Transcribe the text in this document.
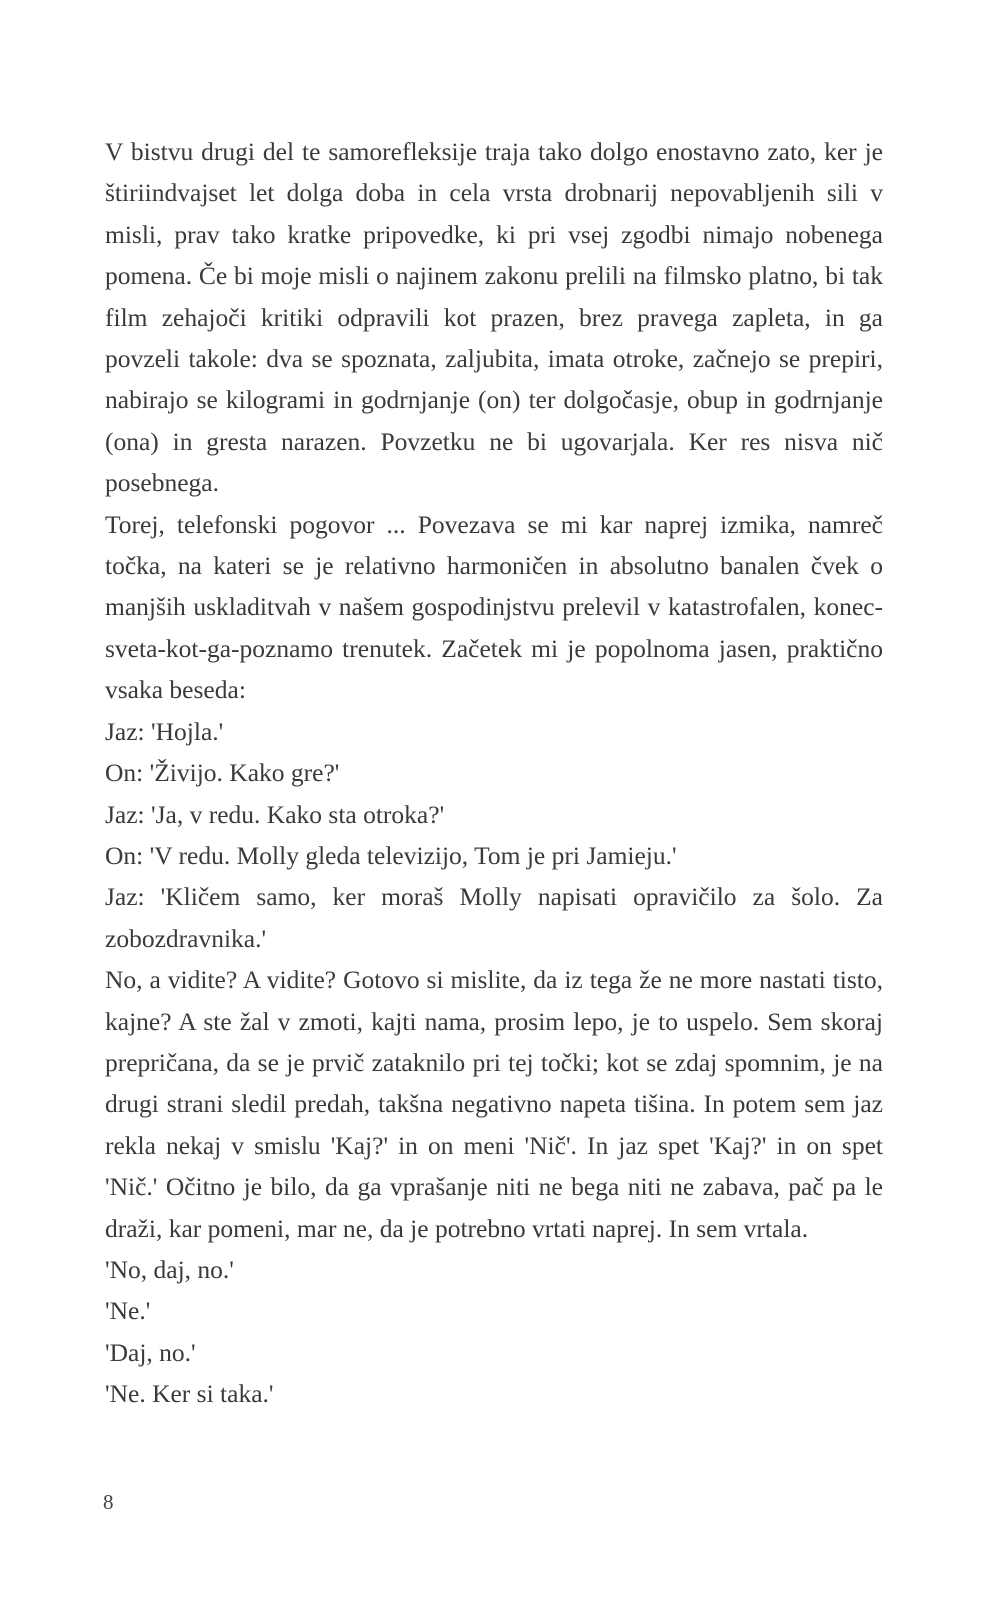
V bistvu drugi del te samorefleksije traja tako dolgo enostavno zato, ker je štiriindvajset let dolga doba in cela vrsta drobnarij nepovabljenih sili v misli, prav tako kratke pripovedke, ki pri vsej zgodbi nimajo nobenega pomena. Če bi moje misli o najinem zakonu prelili na filmsko platno, bi tak film zehajoči kritiki odpravili kot prazen, brez pravega zapleta, in ga povzeli takole: dva se spoznata, zaljubita, imata otroke, začnejo se prepiri, nabirajo se kilogrami in godrnjanje (on) ter dolgočasje, obup in godrnjanje (ona) in gresta narazen. Povzetku ne bi ugovarjala. Ker res nisva nič posebnega.

Torej, telefonski pogovor ... Povezava se mi kar naprej izmika, namreč točka, na kateri se je relativno harmoničen in absolutno banalen čvek o manjših uskladitvah v našem gospodinjstvu prelevil v katastrofalen, konec-sveta-kot-ga-poznamo trenutek. Začetek mi je popolnoma jasen, praktično vsaka beseda:

Jaz: 'Hojla.'

On: 'Živijo. Kako gre?'

Jaz: 'Ja, v redu. Kako sta otroka?'

On: 'V redu. Molly gleda televizijo, Tom je pri Jamieju.'

Jaz: 'Kličem samo, ker moraš Molly napisati opravičilo za šolo. Za zobozdravnika.'

No, a vidite? A vidite? Gotovo si mislite, da iz tega že ne more nastati tisto, kajne? A ste žal v zmoti, kajti nama, prosim lepo, je to uspelo. Sem skoraj prepričana, da se je prvič zataknilo pri tej točki; kot se zdaj spomnim, je na drugi strani sledil predah, takšna negativno napeta tišina. In potem sem jaz rekla nekaj v smislu 'Kaj?' in on meni 'Nič'. In jaz spet 'Kaj?' in on spet 'Nič.' Očitno je bilo, da ga vprašanje niti ne bega niti ne zabava, pač pa le draži, kar pomeni, mar ne, da je potrebno vrtati naprej. In sem vrtala.

'No, daj, no.'

'Ne.'

'Daj, no.'

'Ne. Ker si taka.'

8
